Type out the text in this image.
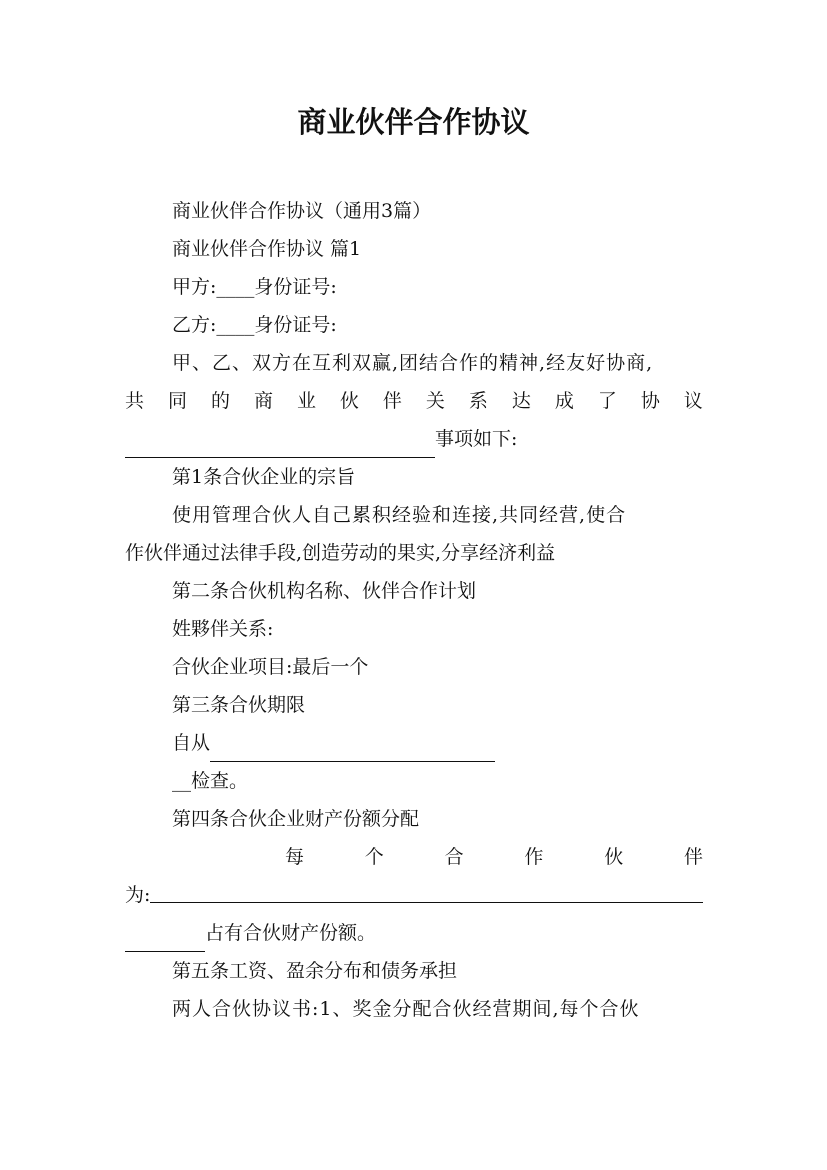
商业伙伴合作协议
商业伙伴合作协议（通用3篇）
商业伙伴合作协议 篇1
甲方:____身份证号:
乙方:____身份证号:
甲、乙、双方在互利双赢,团结合作的精神,经友好协商,
共 同 的 商 业 伙 伴 关 系 达 成 了 协 议
事项如下:
第1条合伙企业的宗旨
使用管理合伙人自己累积经验和连接,共同经营,使合
作伙伴通过法律手段,创造劳动的果实,分享经济利益
第二条合伙机构名称、伙伴合作计划
姓夥伴关系:
合伙企业项目:最后一个
第三条合伙期限
自从
__检查。
第四条合伙企业财产份额分配
每	个	合	作	伙	伴
为:
占有合伙财产份额。
第五条工资、盈余分布和债务承担
两人合伙协议书:1、奖金分配合伙经营期间,每个合伙
